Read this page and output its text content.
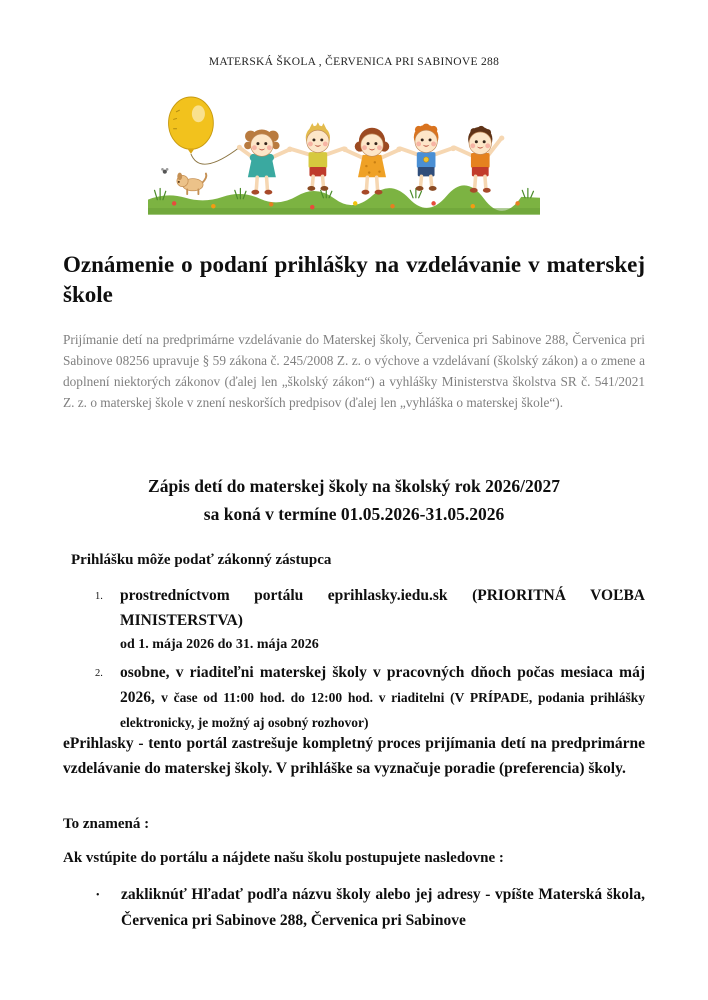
MATERSKÁ ŠKOLA , ČERVENICA PRI SABINOVE 288
Oznámenie o podaní prihlášky na vzdelávanie v materskej škole

Prijímanie detí na predprimárne vzdelávanie do Materskej školy, Červenica pri Sabinove 288, Červenica pri Sabinove 08256 upravuje § 59 zákona č. 245/2008 Z. z. o výchove a vzdelávaní (školský zákon) a o zmene a doplnení niektorých zákonov (ďalej len „školský zákon“) a vyhlášky Ministerstva školstva SR č. 541/2021 Z. z. o materskej škole v znení neskorších predpisov (ďalej len „vyhláška o materskej škole“).

Zápis detí do materskej školy na školský rok 2026/2027
sa koná v termíne 01.05.2026-31.05.2026
Prihlášku môže podať zákonný zástupca
1.	prostredníctvom portálu eprihlasky.iedu.sk (PRIORITNÁ VOĽBA MINISTERSTVA)
od 1. mája 2026 do 31. mája 2026
2.	osobne, v riaditeľni materskej školy v pracovných dňoch počas mesiaca máj 2026, v čase od 11:00 hod. do 12:00 hod. v riaditelni (V PRÍPADE, podania prihlášky elektronicky, je možný aj osobný rozhovor)

ePrihlasky - tento portál zastrešuje kompletný proces prijímania detí na predprimárne vzdelávanie do materskej školy. V prihláške sa vyznačuje poradie (preferencia) školy.

To znamená :
Ak vstúpite do portálu a nájdete našu školu postupujete nasledovne :
•	zakliknúť Hľadať podľa názvu školy alebo jej adresy - vpíšte Materská škola, Červenica pri Sabinove 288, Červenica pri Sabinove
